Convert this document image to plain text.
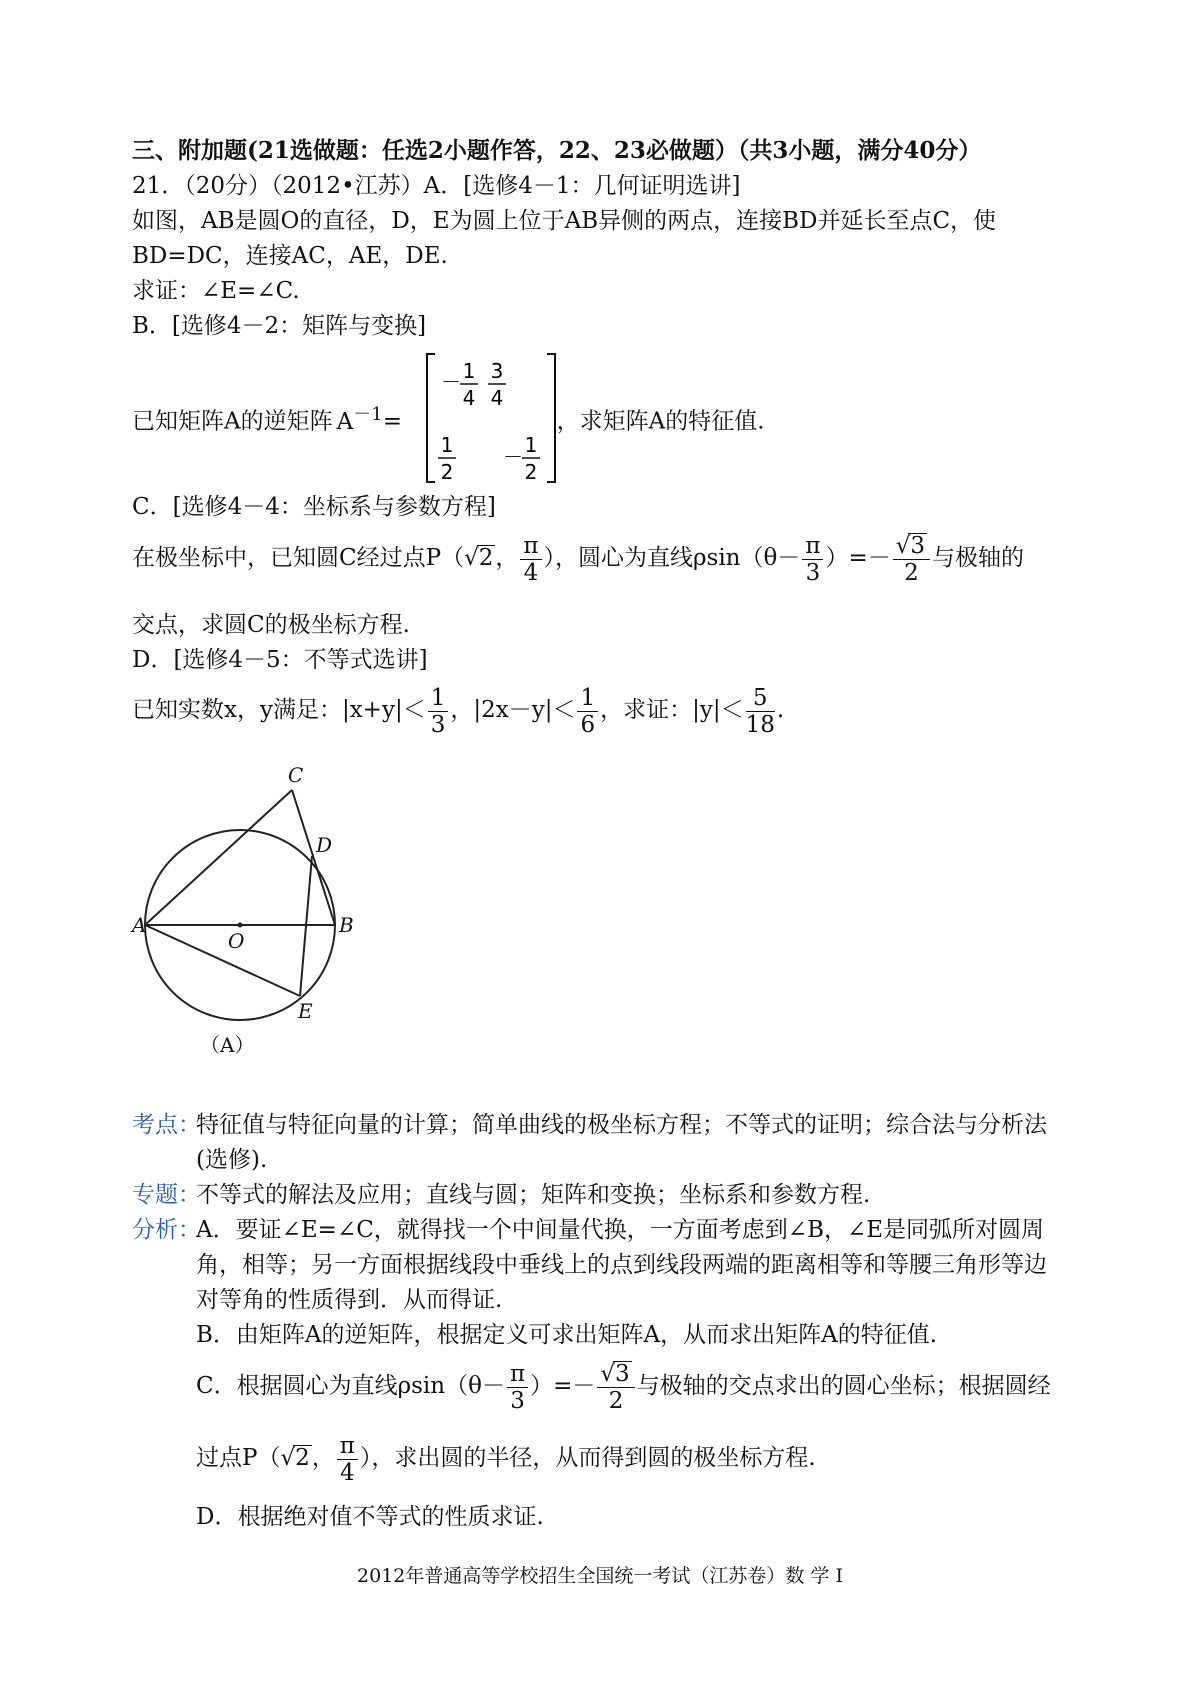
三、附加题(21选做题：任选2小题作答，22、23必做题）（共3小题，满分40分）
21．（20分）（2012•江苏）A．[选修4－1：几何证明选讲]
如图，AB是圆O的直径，D，E为圆上位于AB异侧的两点，连接BD并延长至点C，使
BD=DC，连接AC，AE，DE.
求证：∠E=∠C.
B．[选修4－2：矩阵与变换]
已知矩阵A的逆矩阵 $A^{-1}=$	，求矩阵A的特征值.
－ 1
4
3
4
1
2
－ 1
2
C．[选修4－4：坐标系与参数方程]
在极坐标中，已知圆C经过点P（√2， $\frac{\pi}{4}$ ），圆心为直线$\rho\sin(\theta- \frac{\pi}{3}$ ）=－ $\frac{√3}{2}$ 与极轴的
交点，求圆C的极坐标方程.
D．[选修4－5：不等式选讲]
已知实数x，y满足：$|x+y|< \frac{1}{3}$ ，$|2x-y|< \frac{1}{6}$ ，求证：$|y|< \frac{5}{18}$ .
C
D
A
O
B
E
（A）
考点：
特征值与特征向量的计算；简单曲线的极坐标方程；不等式的证明；综合法与分析法
(选修).
专题：
不等式的解法及应用；直线与圆；矩阵和变换；坐标系和参数方程.
分析：
A．要证∠E=∠C，就得找一个中间量代换，一方面考虑到∠B，∠E是同弧所对圆周
角，相等；另一方面根据线段中垂线上的点到线段两端的距离相等和等腰三角形等边
对等角的性质得到．从而得证.
B．由矩阵A的逆矩阵，根据定义可求出矩阵A，从而求出矩阵A的特征值.
C．根据圆心为直线$\rho\sin(\theta- \frac{\pi}{3}$ ）=－ $\frac{√3}{2}$ 与极轴的交点求出的圆心坐标；根据圆经
过点P（√2， $\frac{\pi}{4}$ ），求出圆的半径，从而得到圆的极坐标方程.
D．根据绝对值不等式的性质求证.
2012年普通高等学校招生全国统一考试（江苏卷）数 学 I
